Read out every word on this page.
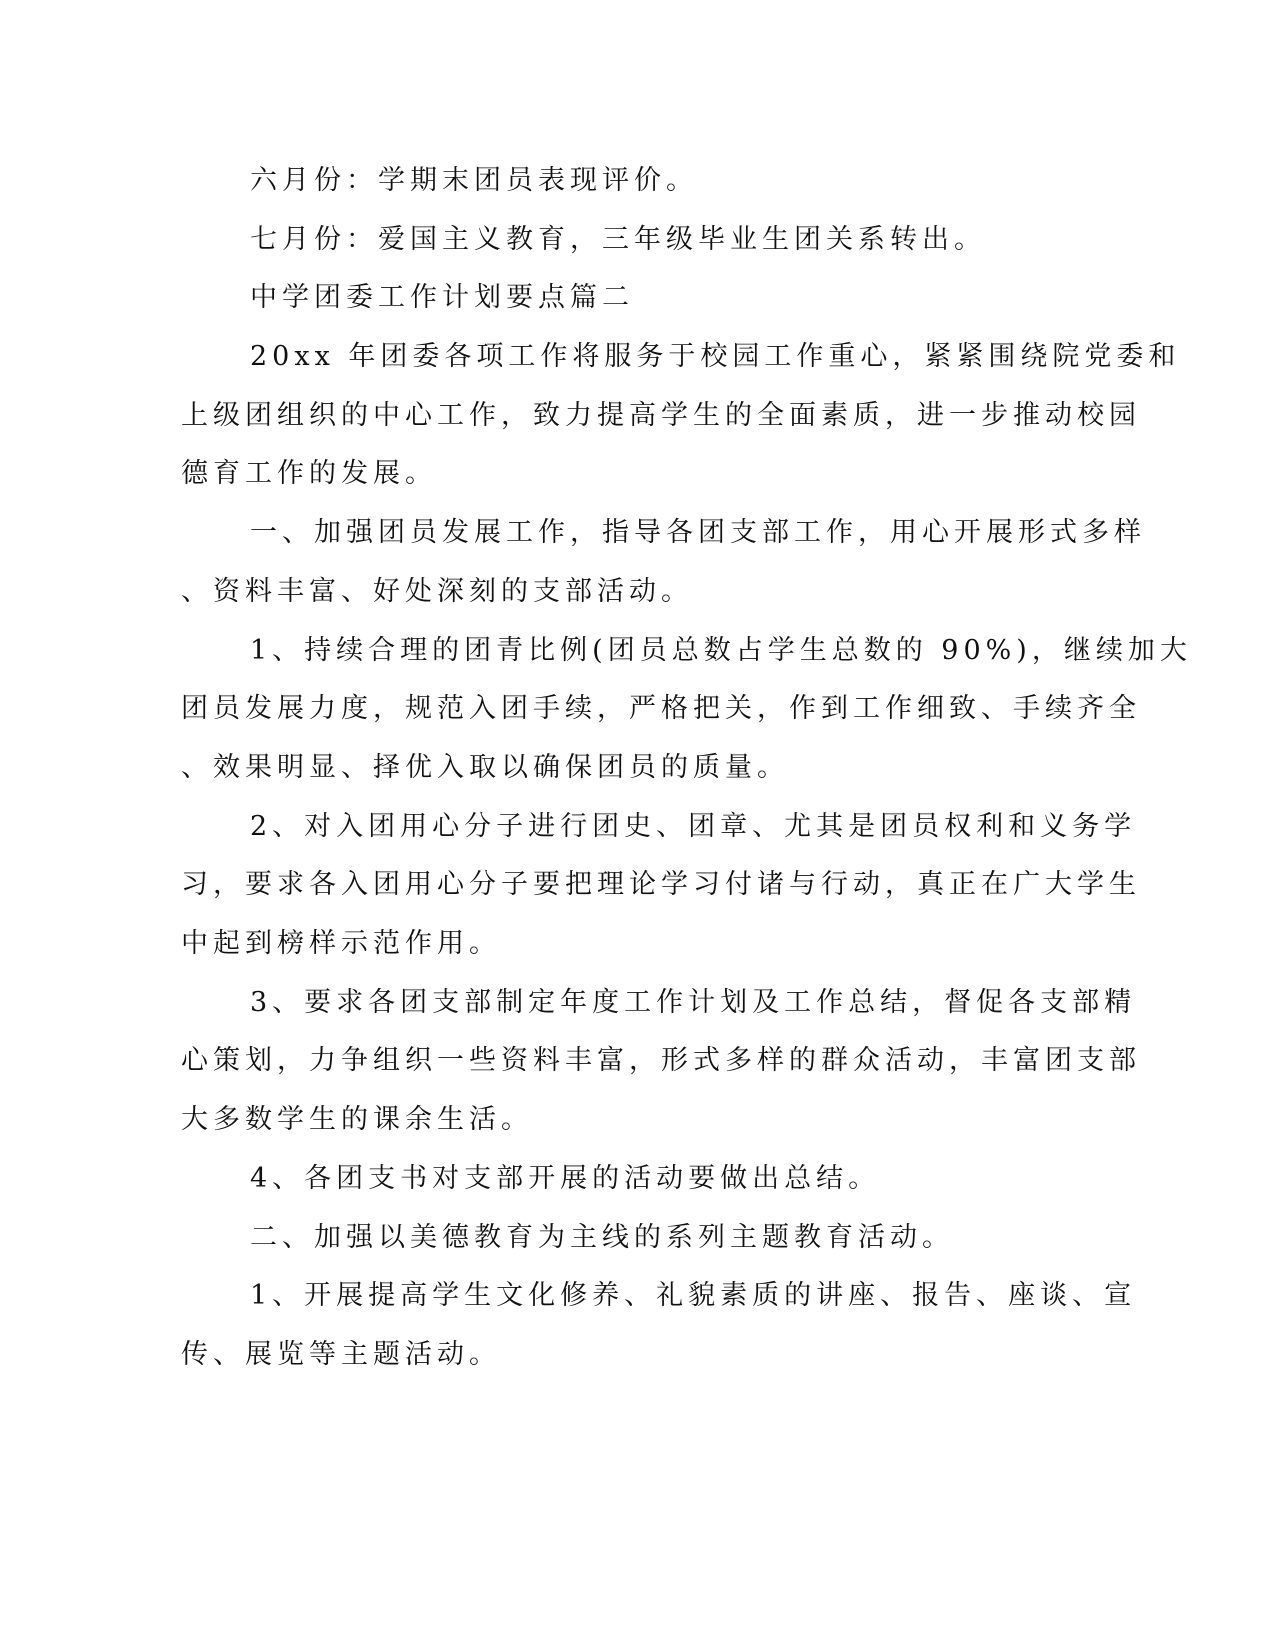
六月份：学期末团员表现评价。

七月份：爱国主义教育，三年级毕业生团关系转出。

中学团委工作计划要点篇二

20xx 年团委各项工作将服务于校园工作重心，紧紧围绕院党委和

上级团组织的中心工作，致力提高学生的全面素质，进一步推动校园

德育工作的发展。

一、加强团员发展工作，指导各团支部工作，用心开展形式多样

、资料丰富、好处深刻的支部活动。

1、持续合理的团青比例(团员总数占学生总数的 90%)，继续加大

团员发展力度，规范入团手续，严格把关，作到工作细致、手续齐全

、效果明显、择优入取以确保团员的质量。

2、对入团用心分子进行团史、团章、尤其是团员权利和义务学

习，要求各入团用心分子要把理论学习付诸与行动，真正在广大学生

中起到榜样示范作用。

3、要求各团支部制定年度工作计划及工作总结，督促各支部精

心策划，力争组织一些资料丰富，形式多样的群众活动，丰富团支部

大多数学生的课余生活。

4、各团支书对支部开展的活动要做出总结。

二、加强以美德教育为主线的系列主题教育活动。

1、开展提高学生文化修养、礼貌素质的讲座、报告、座谈、宣

传、展览等主题活动。
